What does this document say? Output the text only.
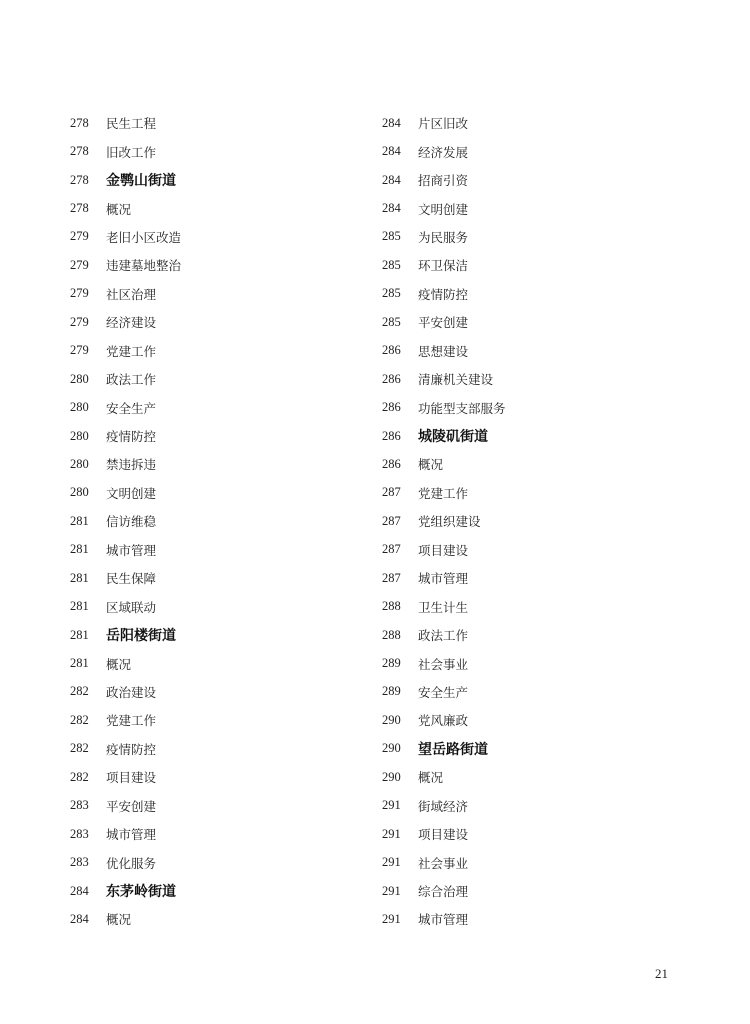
278	民生工程
278	旧改工作
278	金鹗山街道
278	概况
279	老旧小区改造
279	违建墓地整治
279	社区治理
279	经济建设
279	党建工作
280	政法工作
280	安全生产
280	疫情防控
280	禁违拆违
280	文明创建
281	信访维稳
281	城市管理
281	民生保障
281	区域联动
281	岳阳楼街道
281	概况
282	政治建设
282	党建工作
282	疫情防控
282	项目建设
283	平安创建
283	城市管理
283	优化服务
284	东茅岭街道
284	概况
284	片区旧改
284	经济发展
284	招商引资
284	文明创建
285	为民服务
285	环卫保洁
285	疫情防控
285	平安创建
286	思想建设
286	清廉机关建设
286	功能型支部服务
286	城陵矶街道
286	概况
287	党建工作
287	党组织建设
287	项目建设
287	城市管理
288	卫生计生
288	政法工作
289	社会事业
289	安全生产
290	党风廉政
290	望岳路街道
290	概况
291	街域经济
291	项目建设
291	社会事业
291	综合治理
291	城市管理
21
